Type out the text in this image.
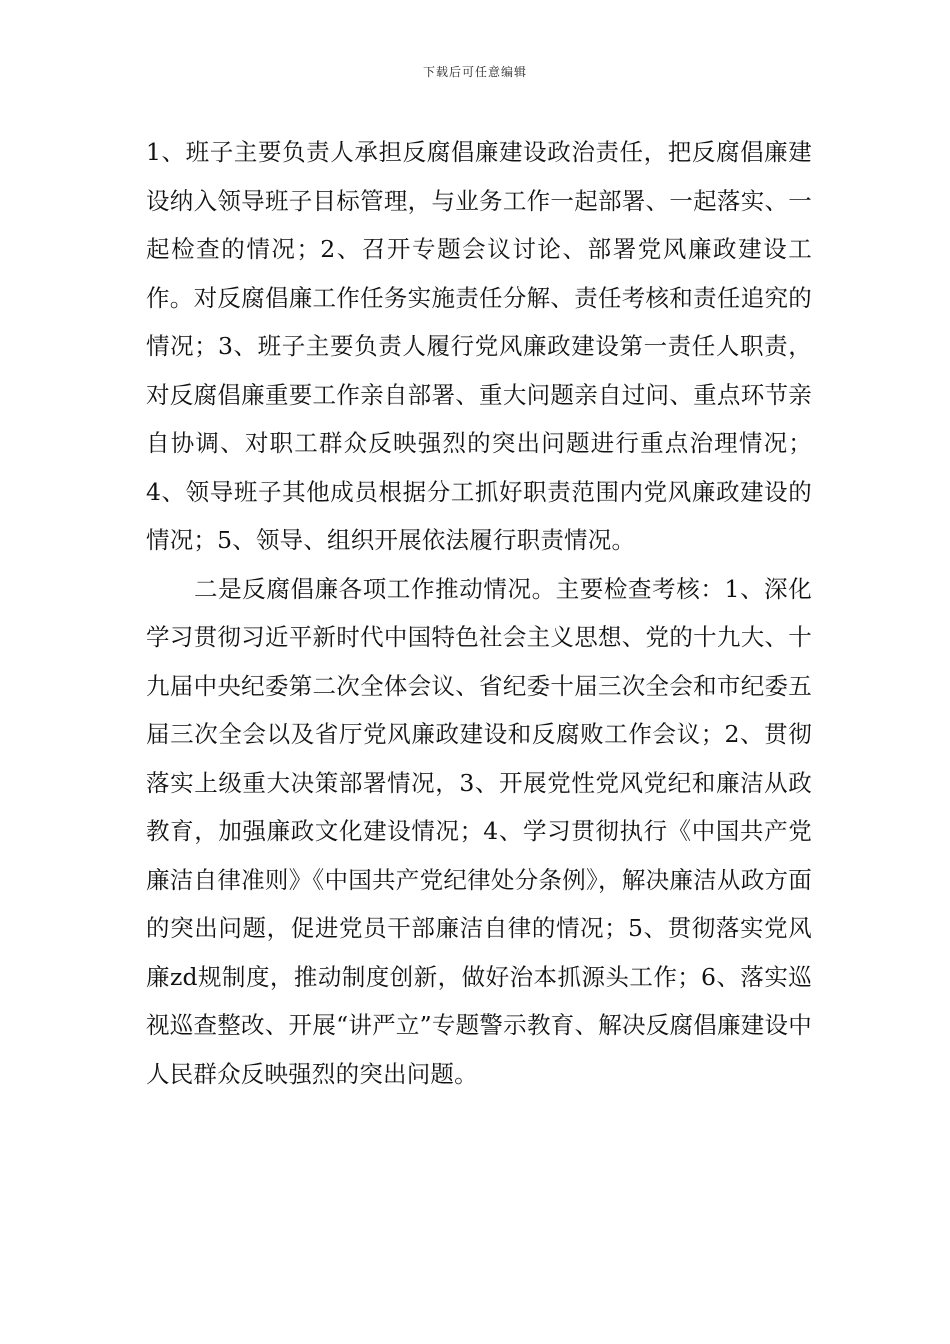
下载后可任意编辑

1、班子主要负责人承担反腐倡廉建设政治责任，把反腐倡廉建设纳入领导班子目标管理，与业务工作一起部署、一起落实、一起检查的情况；2、召开专题会议讨论、部署党风廉政建设工作。对反腐倡廉工作任务实施责任分解、责任考核和责任追究的情况；3、班子主要负责人履行党风廉政建设第一责任人职责，对反腐倡廉重要工作亲自部署、重大问题亲自过问、重点环节亲自协调、对职工群众反映强烈的突出问题进行重点治理情况；4、领导班子其他成员根据分工抓好职责范围内党风廉政建设的情况；5、领导、组织开展依法履行职责情况。

二是反腐倡廉各项工作推动情况。主要检查考核：1、深化学习贯彻习近平新时代中国特色社会主义思想、党的十九大、十九届中央纪委第二次全体会议、省纪委十届三次全会和市纪委五届三次全会以及省厅党风廉政建设和反腐败工作会议；2、贯彻落实上级重大决策部署情况，3、开展党性党风党纪和廉洁从政教育，加强廉政文化建设情况；4、学习贯彻执行《中国共产党廉洁自律准则》《中国共产党纪律处分条例》，解决廉洁从政方面的突出问题，促进党员干部廉洁自律的情况；5、贯彻落实党风廉zd规制度，推动制度创新，做好治本抓源头工作；6、落实巡视巡查整改、开展“讲严立”专题警示教育、解决反腐倡廉建设中人民群众反映强烈的突出问题。
